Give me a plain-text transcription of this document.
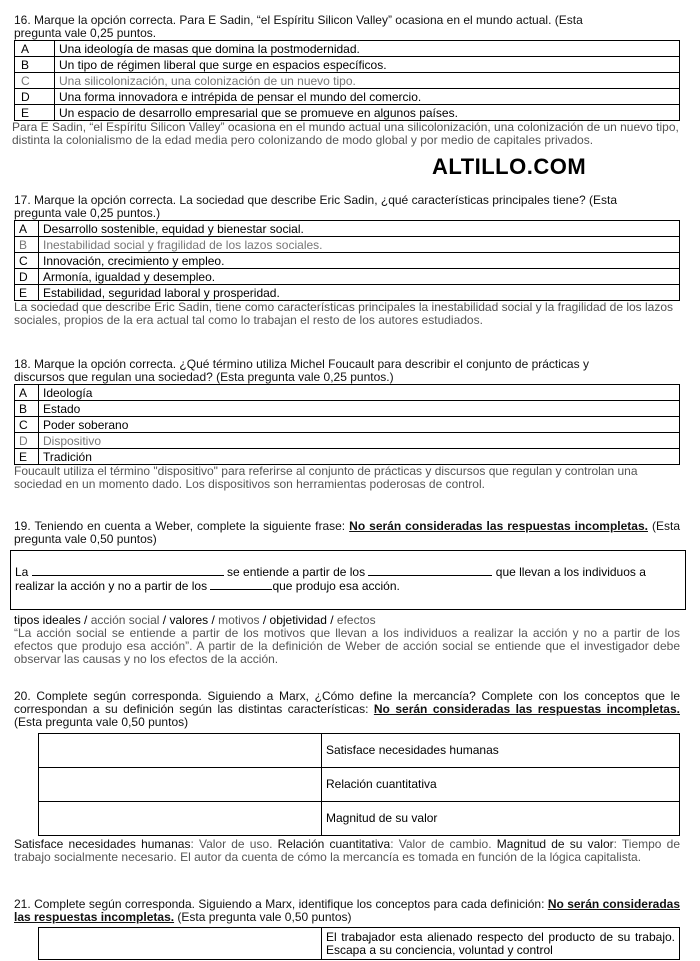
ALTILLO.COM

16. Marque la opción correcta. Para E Sadin, “el Espíritu Silicon Valley” ocasiona en el mundo actual. (Esta

pregunta vale 0,25 puntos.

A	Una ideología de masas que domina la postmodernidad.
B	Un tipo de régimen liberal que surge en espacios específicos.
C	Una silicolonización, una colonización de un nuevo tipo.
D	Una forma innovadora e intrépida de pensar el mundo del comercio.
E	Un espacio de desarrollo empresarial que se promueve en algunos países.

Para E Sadin, “el Espíritu Silicon Valley” ocasiona en el mundo actual una silicolonización, una colonización de un nuevo tipo, distinta la colonialismo de la edad media pero colonizando de modo global y por medio de capitales privados.

17. Marque la opción correcta. La sociedad que describe Eric Sadin, ¿qué características principales tiene? (Esta

pregunta vale 0,25 puntos.)

A	Desarrollo sostenible, equidad y bienestar social.
B	Inestabilidad social y fragilidad de los lazos sociales.
C	Innovación, crecimiento y empleo.
D	Armonía, igualdad y desempleo.
E	Estabilidad, seguridad laboral y prosperidad.

La sociedad que describe Eric Sadin, tiene como características principales la inestabilidad social y la fragilidad de los lazos sociales, propios de la era actual tal como lo trabajan el resto de los autores estudiados.

18. Marque la opción correcta. ¿Qué término utiliza Michel Foucault para describir el conjunto de prácticas y

discursos que regulan una sociedad? (Esta pregunta vale 0,25 puntos.)

A	Ideología
B	Estado
C	Poder soberano
D	Dispositivo
E	Tradición

Foucault utiliza el término "dispositivo" para referirse al conjunto de prácticas y discursos que regulan y controlan una sociedad en un momento dado. Los dispositivos son herramientas poderosas de control.

19. Teniendo en cuenta a Weber, complete la siguiente frase: No serán consideradas las respuestas incompletas. (Esta pregunta vale 0,50 puntos)

La	se entiende a partir de los	que llevan a los individuos a
realizar la acción y no a partir de los	que produjo esa acción.

tipos ideales / acción social / valores / motivos / objetividad / efectos

“La acción social se entiende a partir de los motivos que llevan a los individuos a realizar la acción y no a partir de los efectos que produjo esa acción”. A partir de la definición de Weber de acción social se entiende que el investigador debe observar las causas y no los efectos de la acción.

20. Complete según corresponda. Siguiendo a Marx, ¿Cómo define la mercancía? Complete con los conceptos que le correspondan a su definición según las distintas características: No serán consideradas las respuestas incompletas. (Esta pregunta vale 0,50 puntos)

	Satisface necesidades humanas
	Relación cuantitativa
	Magnitud de su valor

Satisface necesidades humanas: Valor de uso. Relación cuantitativa: Valor de cambio. Magnitud de su valor: Tiempo de trabajo socialmente necesario. El autor da cuenta de cómo la mercancía es tomada en función de la lógica capitalista.

21. Complete según corresponda. Siguiendo a Marx, identifique los conceptos para cada definición: No serán consideradas las respuestas incompletas. (Esta pregunta vale 0,50 puntos)

	El trabajador esta alienado respecto del producto de su trabajo. Escapa a su conciencia, voluntad y control
